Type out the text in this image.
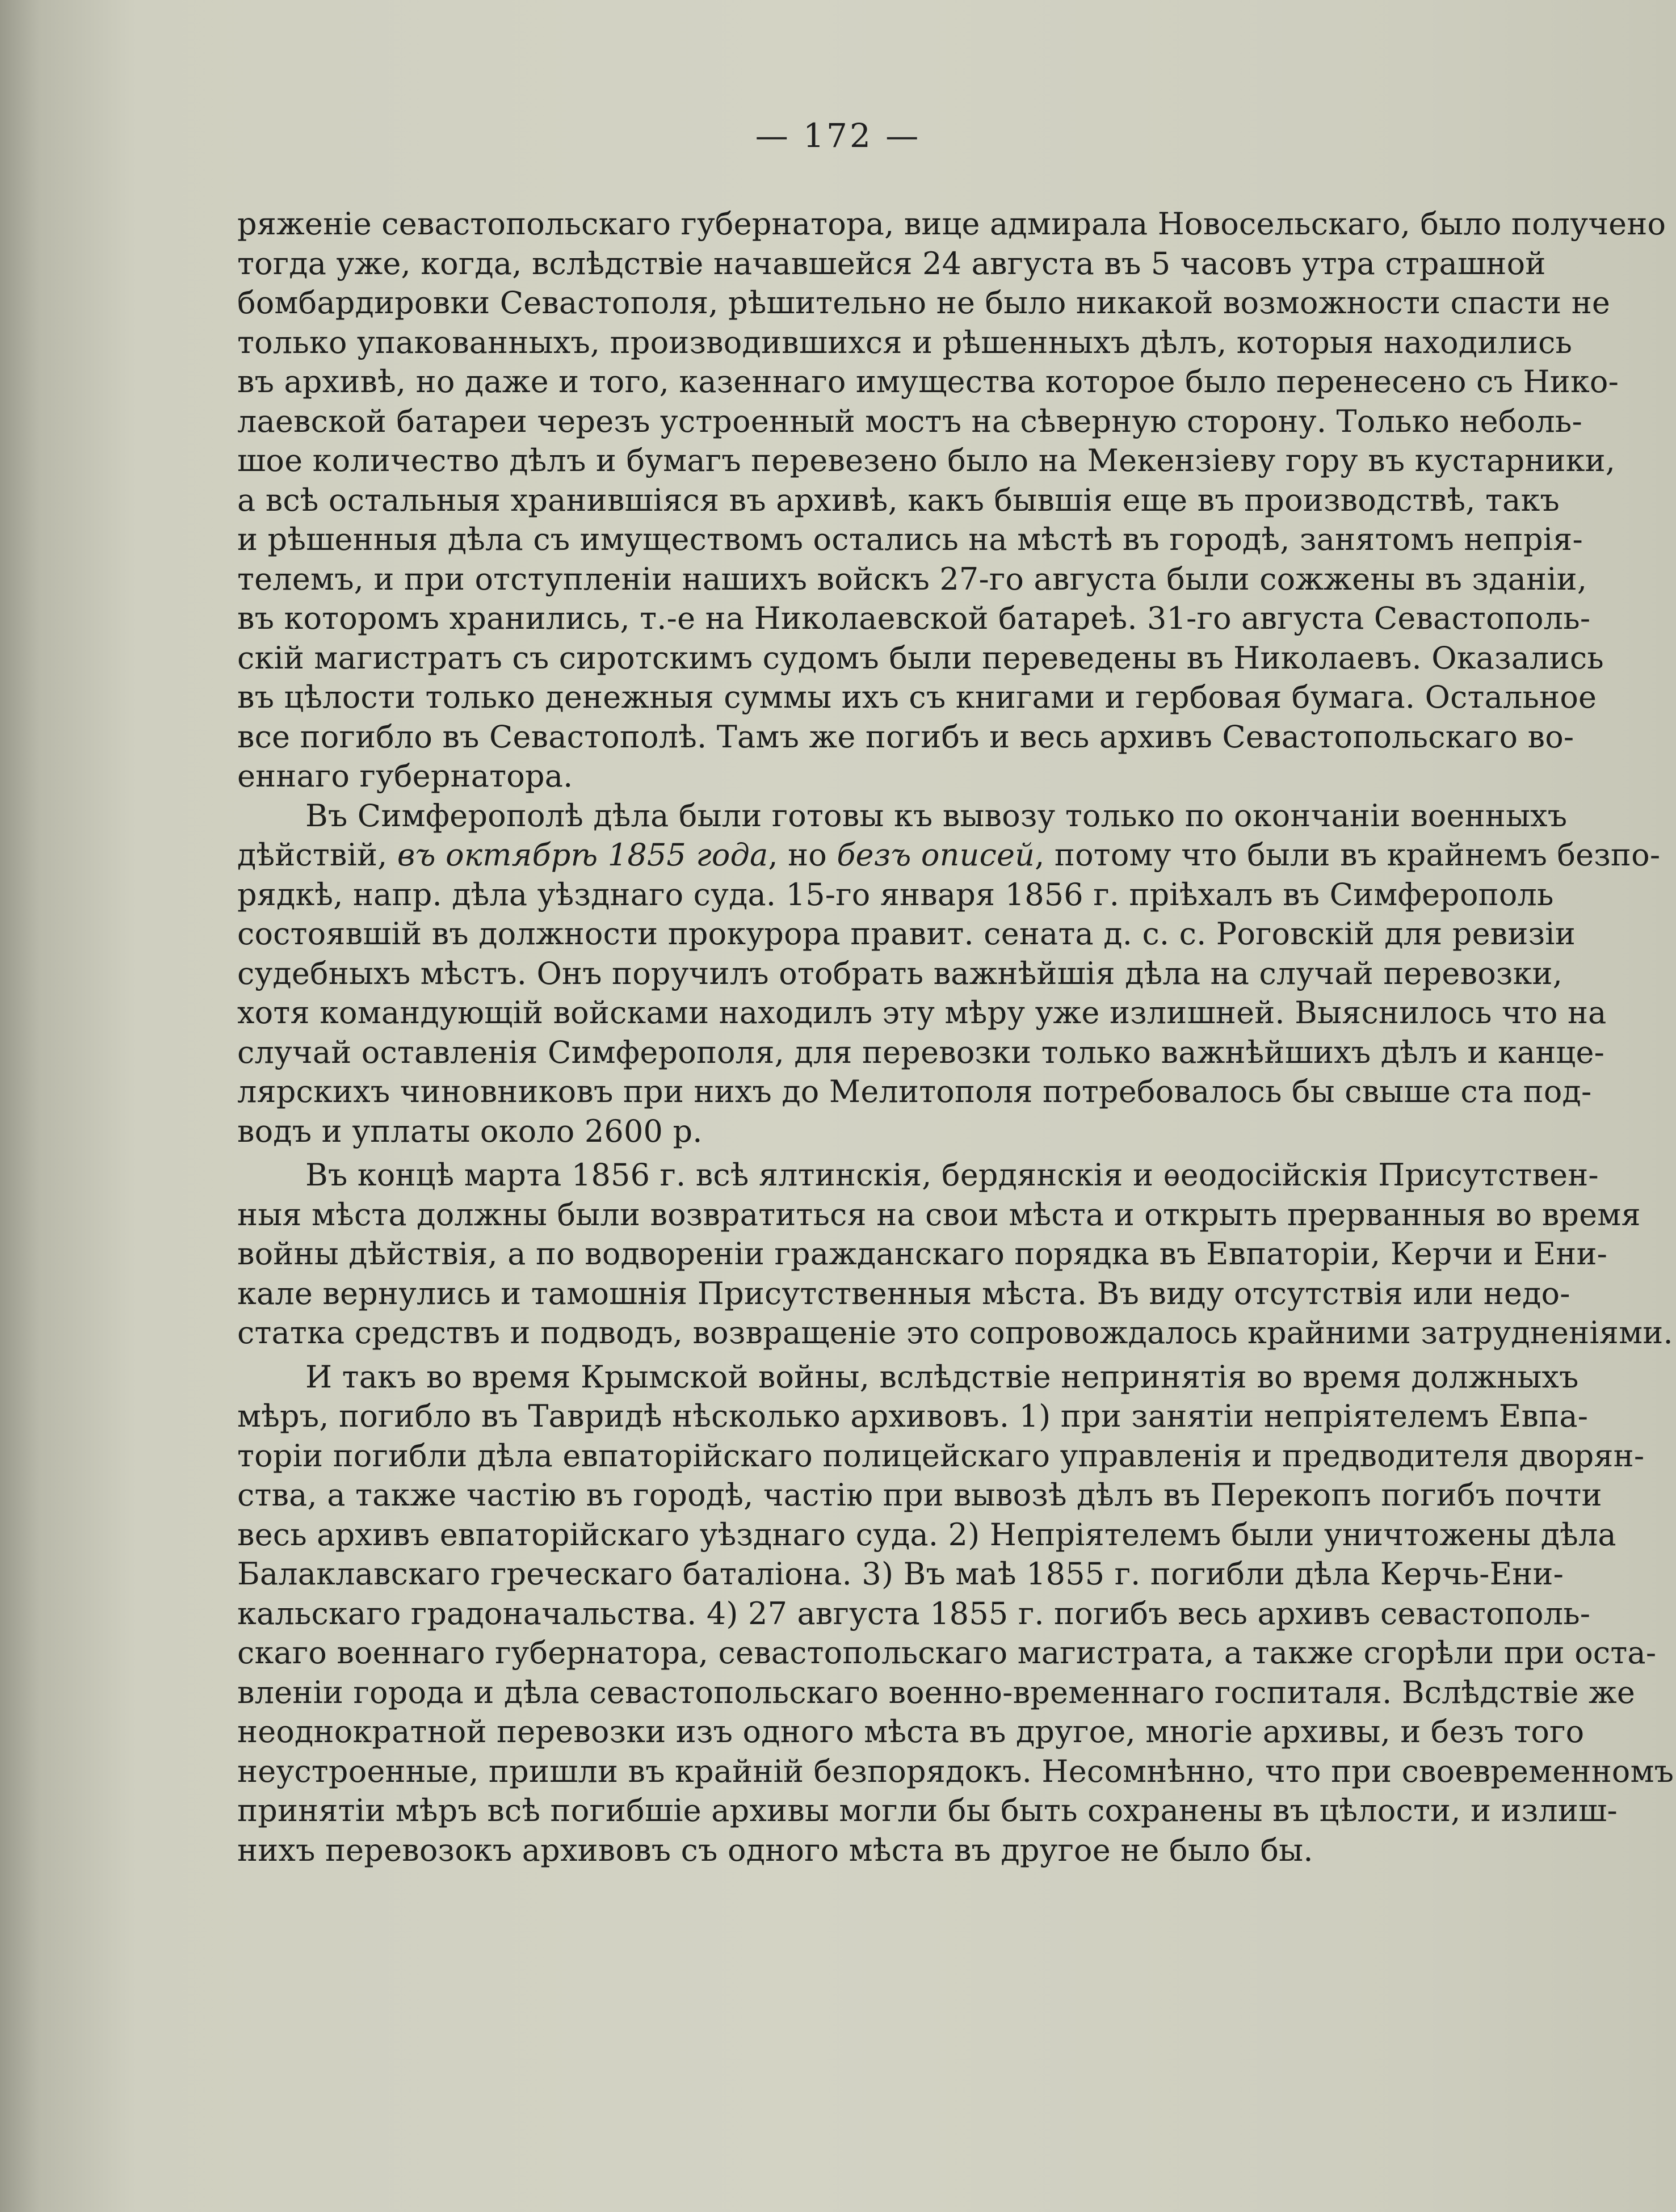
— 172 —
ряженіе севастопольскаго губернатора, вице адмирала Новосельскаго, было получено
тогда уже, когда, вслѣдствіе начавшейся 24 августа въ 5 часовъ утра страшной
бомбардировки Севастополя, рѣшительно не было никакой возможности спасти не
только упакованныхъ, производившихся и рѣшенныхъ дѣлъ, которыя находились
въ архивѣ, но даже и того, казеннаго имущества которое было перенесено съ Нико-
лаевской батареи черезъ устроенный мостъ на сѣверную сторону. Только неболь-
шое количество дѣлъ и бумагъ перевезено было на Мекензіеву гору въ кустарники,
а всѣ остальныя хранившіяся въ архивѣ, какъ бывшія еще въ производствѣ, такъ
и рѣшенныя дѣла съ имуществомъ остались на мѣстѣ въ городѣ, занятомъ непрія-
телемъ, и при отступленіи нашихъ войскъ 27-го августа были сожжены въ зданіи,
въ которомъ хранились, т.-е на Николаевской батареѣ. 31-го августа Севастополь-
скій магистратъ съ сиротскимъ судомъ были переведены въ Николаевъ. Оказались
въ цѣлости только денежныя суммы ихъ съ книгами и гербовая бумага. Остальное
все погибло въ Севастополѣ. Тамъ же погибъ и весь архивъ Севастопольскаго во-
еннаго губернатора.
Въ Симферополѣ дѣла были готовы къ вывозу только по окончаніи военныхъ
дѣйствій, въ октябрѣ 1855 года, но безъ описей, потому что были въ крайнемъ безпо-
рядкѣ, напр. дѣла уѣзднаго суда. 15-го января 1856 г. пріѣхалъ въ Симферополь
состоявшій въ должности прокурора правит. сената д. с. с. Роговскій для ревизіи
судебныхъ мѣстъ. Онъ поручилъ отобрать важнѣйшія дѣла на случай перевозки,
хотя командующій войсками находилъ эту мѣру уже излишней. Выяснилось что на
случай оставленія Симферополя, для перевозки только важнѣйшихъ дѣлъ и канце-
лярскихъ чиновниковъ при нихъ до Мелитополя потребовалось бы свыше ста под-
водъ и уплаты около 2600 р.
Въ концѣ марта 1856 г. всѣ ялтинскія, бердянскія и ѳеодосійскія Присутствен-
ныя мѣста должны были возвратиться на свои мѣста и открыть прерванныя во время
войны дѣйствія, а по водвореніи гражданскаго порядка въ Евпаторіи, Керчи и Ени-
кале вернулись и тамошнія Присутственныя мѣста. Въ виду отсутствія или недо-
статка средствъ и подводъ, возвращеніе это сопровождалось крайними затрудненіями.
И такъ во время Крымской войны, вслѣдствіе непринятія во время должныхъ
мѣръ, погибло въ Тавридѣ нѣсколько архивовъ. 1) при занятіи непріятелемъ Евпа-
торіи погибли дѣла евпаторійскаго полицейскаго управленія и предводителя дворян-
ства, а также частію въ городѣ, частію при вывозѣ дѣлъ въ Перекопъ погибъ почти
весь архивъ евпаторійскаго уѣзднаго суда. 2) Непріятелемъ были уничтожены дѣла
Балаклавскаго греческаго баталіона. 3) Въ маѣ 1855 г. погибли дѣла Керчь-Ени-
кальскаго градоначальства. 4) 27 августа 1855 г. погибъ весь архивъ севастополь-
скаго военнаго губернатора, севастопольскаго магистрата, а также сгорѣли при оста-
вленіи города и дѣла севастопольскаго военно-временнаго госпиталя. Вслѣдствіе же
неоднократной перевозки изъ одного мѣста въ другое, многіе архивы, и безъ того
неустроенные, пришли въ крайній безпорядокъ. Несомнѣнно, что при своевременномъ
принятіи мѣръ всѣ погибшіе архивы могли бы быть сохранены въ цѣлости, и излиш-
нихъ перевозокъ архивовъ съ одного мѣста въ другое не было бы.
